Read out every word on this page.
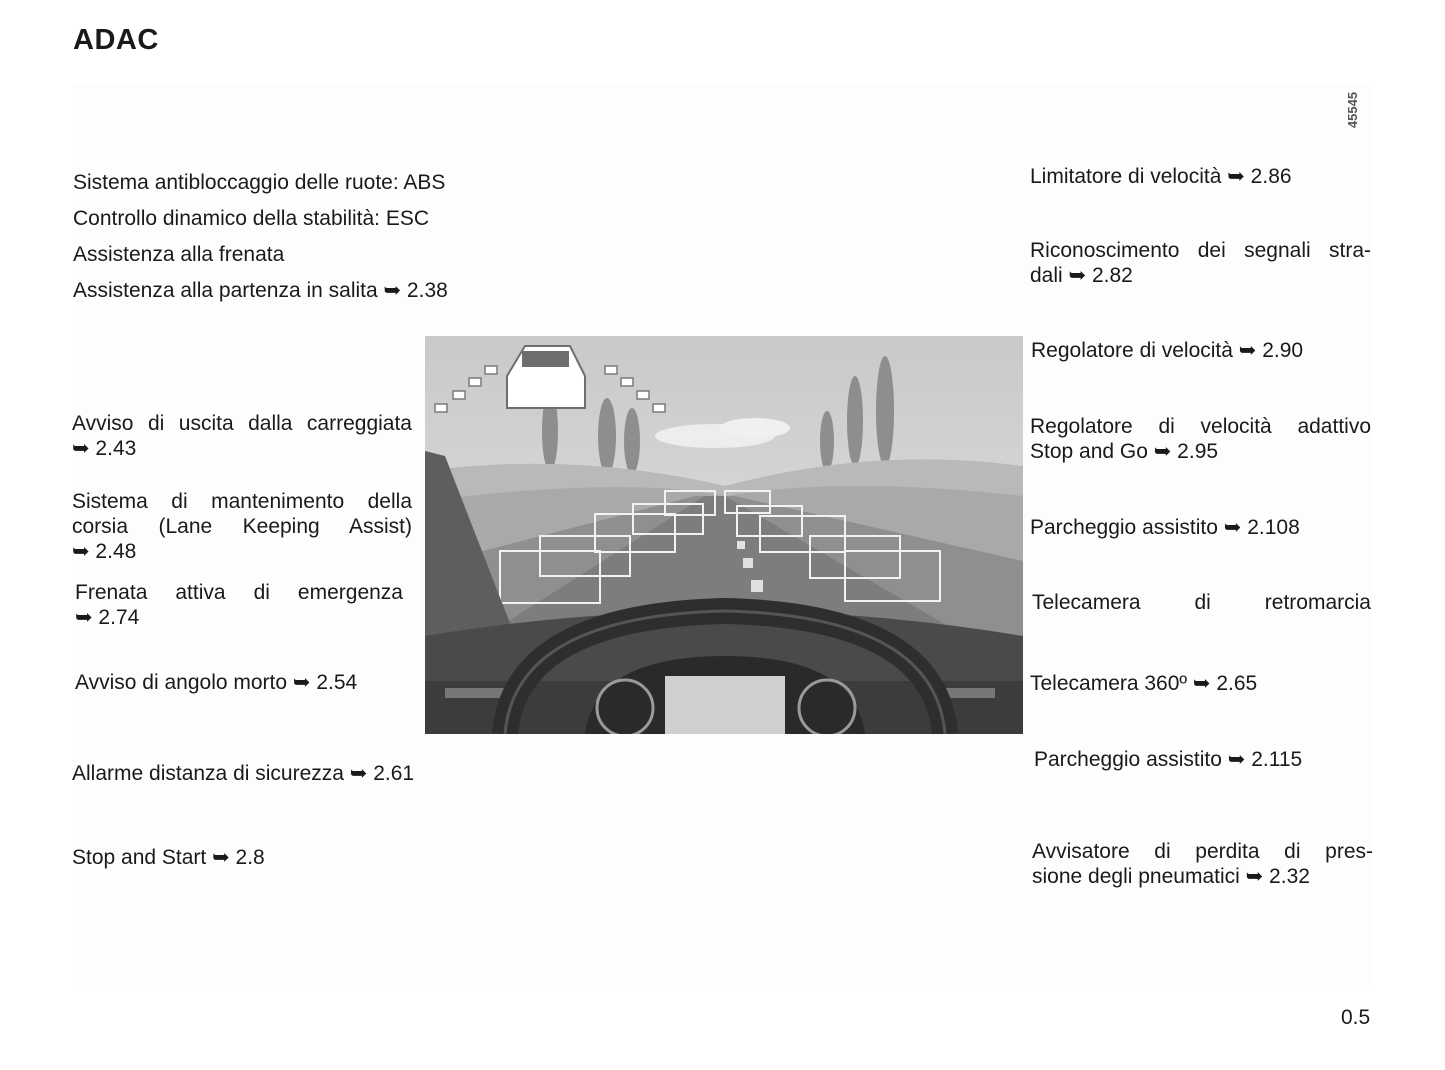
ADAC
45545
Sistema antibloccaggio delle ruote: ABS
Controllo dinamico della stabilità: ESC
Assistenza alla frenata
Assistenza alla partenza in salita ➥ 2.38
Avviso di uscita dalla carreggiata
➥ 2.43
Sistema di mantenimento della
corsia (Lane Keeping Assist)
➥ 2.48
Frenata attiva di emergenza
➥ 2.74
Avviso di angolo morto ➥ 2.54
Allarme distanza di sicurezza ➥ 2.61
Stop and Start ➥ 2.8
Limitatore di velocità ➥ 2.86
Riconoscimento dei segnali stra-
dali ➥ 2.82
Regolatore di velocità ➥ 2.90
Regolatore di velocità adattivo
Stop and Go ➥ 2.95
Parcheggio assistito ➥ 2.108
Telecamera di retromarcia
Telecamera 360º ➥ 2.65
Parcheggio assistito ➥ 2.115
Avvisatore di perdita di pres-
sione degli pneumatici ➥ 2.32
0.5
